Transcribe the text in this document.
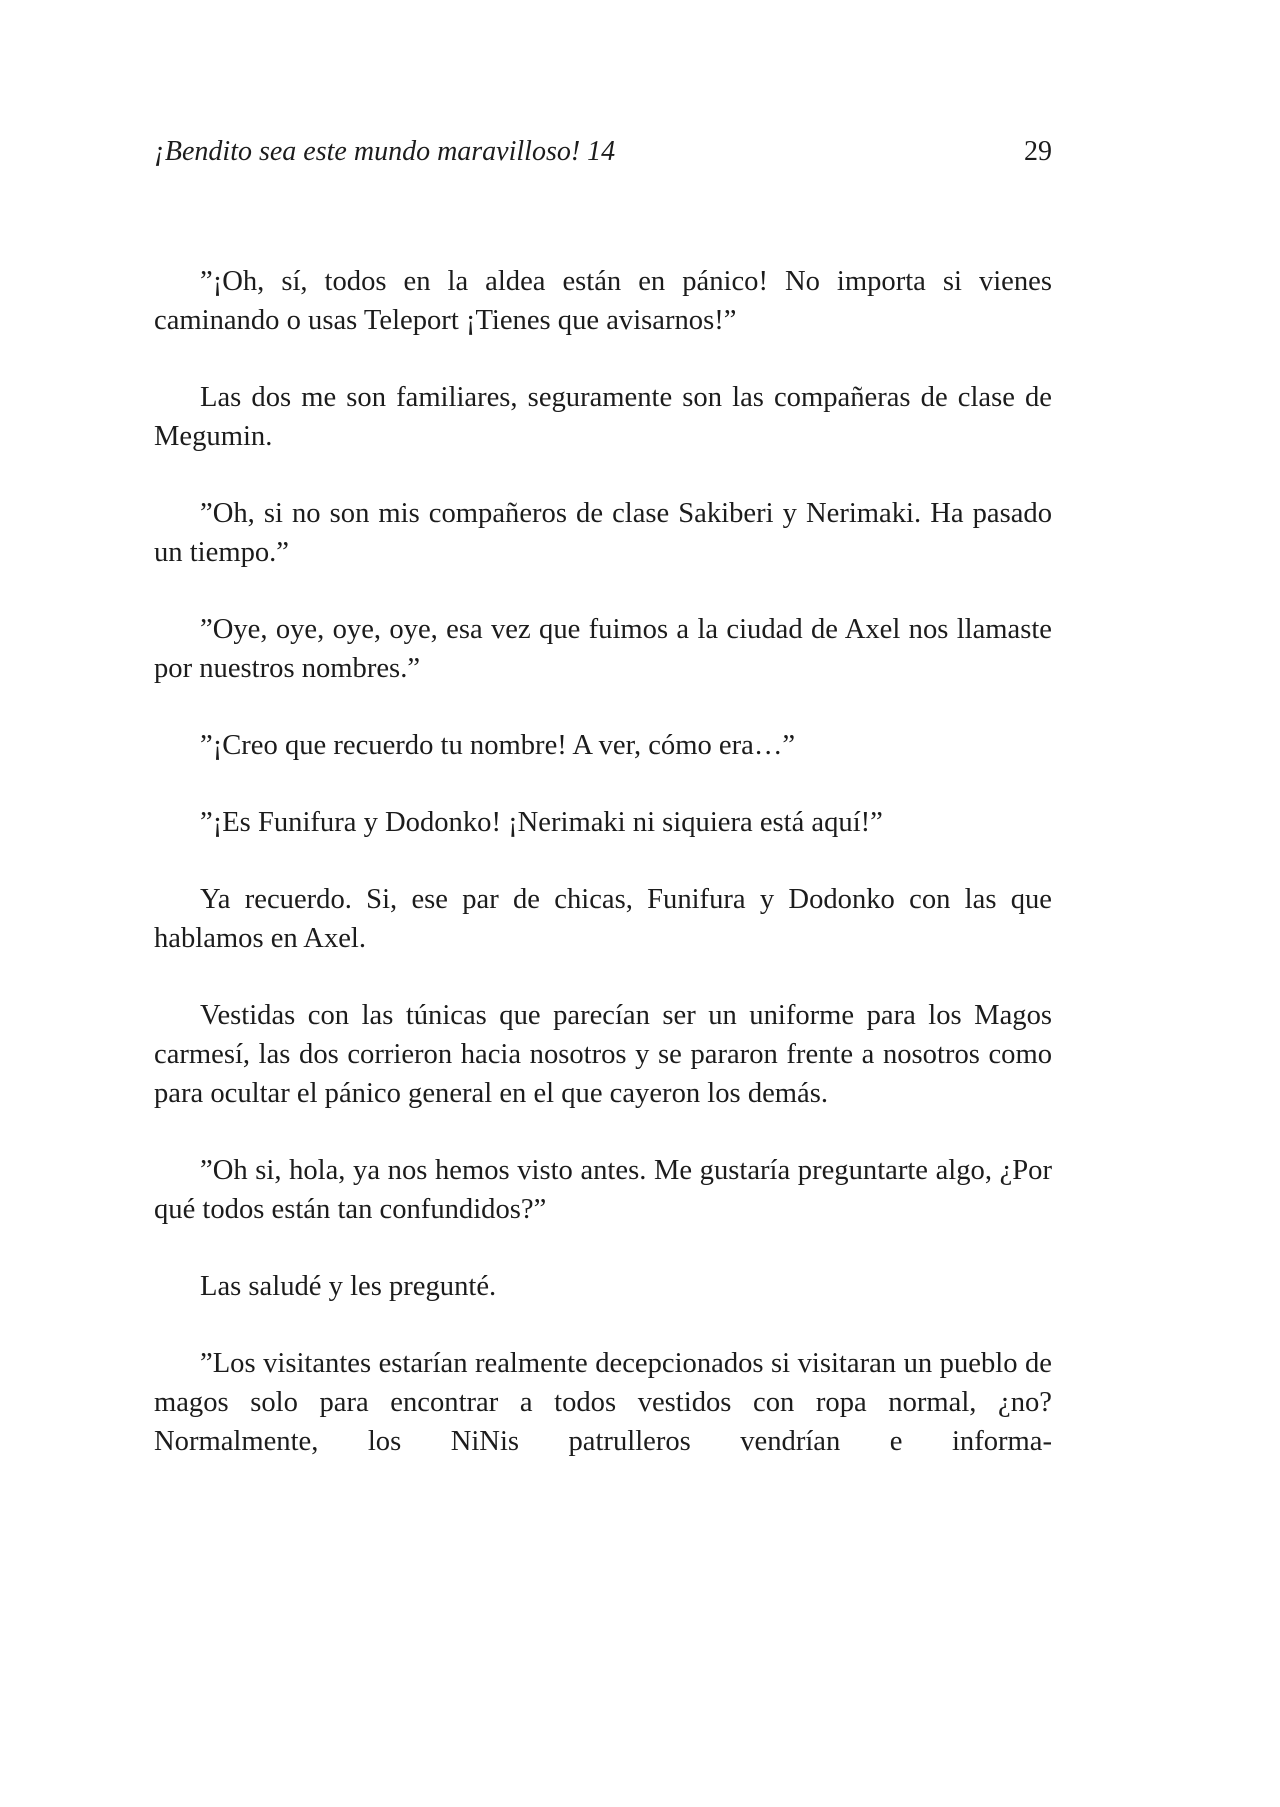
¡Bendito sea este mundo maravilloso! 14	29

”¡Oh, sí, todos en la aldea están en pánico! No importa si vienes caminando o usas Teleport ¡Tienes que avisarnos!”

Las dos me son familiares, seguramente son las compañeras de clase de Megumin.

”Oh, si no son mis compañeros de clase Sakiberi y Nerimaki. Ha pasado un tiempo.”

”Oye, oye, oye, oye, esa vez que fuimos a la ciudad de Axel nos llamaste por nuestros nombres.”

”¡Creo que recuerdo tu nombre! A ver, cómo era…”

”¡Es Funifura y Dodonko! ¡Nerimaki ni siquiera está aquí!”

Ya recuerdo. Si, ese par de chicas, Funifura y Dodonko con las que hablamos en Axel.

Vestidas con las túnicas que parecían ser un uniforme para los Magos carmesí, las dos corrieron hacia nosotros y se pararon frente a nosotros como para ocultar el pánico general en el que cayeron los demás.

”Oh si, hola, ya nos hemos visto antes. Me gustaría preguntarte algo, ¿Por qué todos están tan confundidos?”

Las saludé y les pregunté.

”Los visitantes estarían realmente decepcionados si visitaran un pueblo de magos solo para encontrar a todos vestidos con ropa normal, ¿no? Normalmente, los NiNis patrulleros vendrían e informa-
